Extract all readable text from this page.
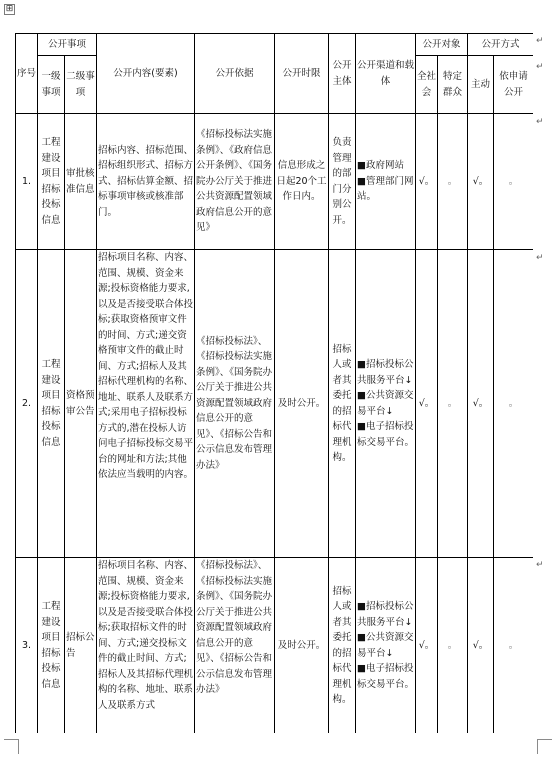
⊞
↵
↵
↵
↵
↵
序号	公开事项		公开内容(要素)	公开依据	公开时限	公开主体	公开渠道和载体	公开对象		公开方式	
	一级事项	二级事项						全社会	特定群众	主动	依申请公开
1.	工程建设项目招标投标信息	审批核准信息	招标内容、招标范围、招标组织形式、招标方式、招标估算金额、招标事项审核或核准部门。	《招标投标法实施条例》、《政府信息公开条例》、《国务院办公厅关于推进公共资源配置领域政府信息公开的意见》	信息形成之日起20个工作日内。	负责管理的部门分别公开。	■政府网站
■管理部门网站。	√。	。	√。	。
2.	工程建设项目招标投标信息	资格预审公告	招标项目名称、内容、范围、规模、资金来源;投标资格能力要求,以及是否接受联合体投标;获取资格预审文件的时间、方式;递交资格预审文件的截止时间、方式;招标人及其招标代理机构的名称、地址、联系人及联系方式;采用电子招标投标方式的,潜在投标人访问电子招标投标交易平台的网址和方法;其他依法应当载明的内容。	《招标投标法》、《招标投标法实施条例》、《国务院办公厅关于推进公共资源配置领域政府信息公开的意见》、《招标公告和公示信息发布管理办法》	及时公开。	招标人或者其委托的招标代理机构。	■招标投标公共服务平台↓
■公共资源交易平台↓
■电子招标投标交易平台。	√。	。	√。	。
3.	工程建设项目招标投标信息	招标公告	招标项目名称、内容、范围、规模、资金来源;投标资格能力要求,以及是否接受联合体投标;获取招标文件的时间、方式;递交投标文件的截止时间、方式;招标人及其招标代理机构的名称、地址、联系人及联系方式	《招标投标法》、《招标投标法实施条例》、《国务院办公厅关于推进公共资源配置领域政府信息公开的意见》、《招标公告和公示信息发布管理办法》	及时公开。	招标人或者其委托的招标代理机构。	■招标投标公共服务平台↓
■公共资源交易平台↓
■电子招标投标交易平台。	√。	。	√。	。
